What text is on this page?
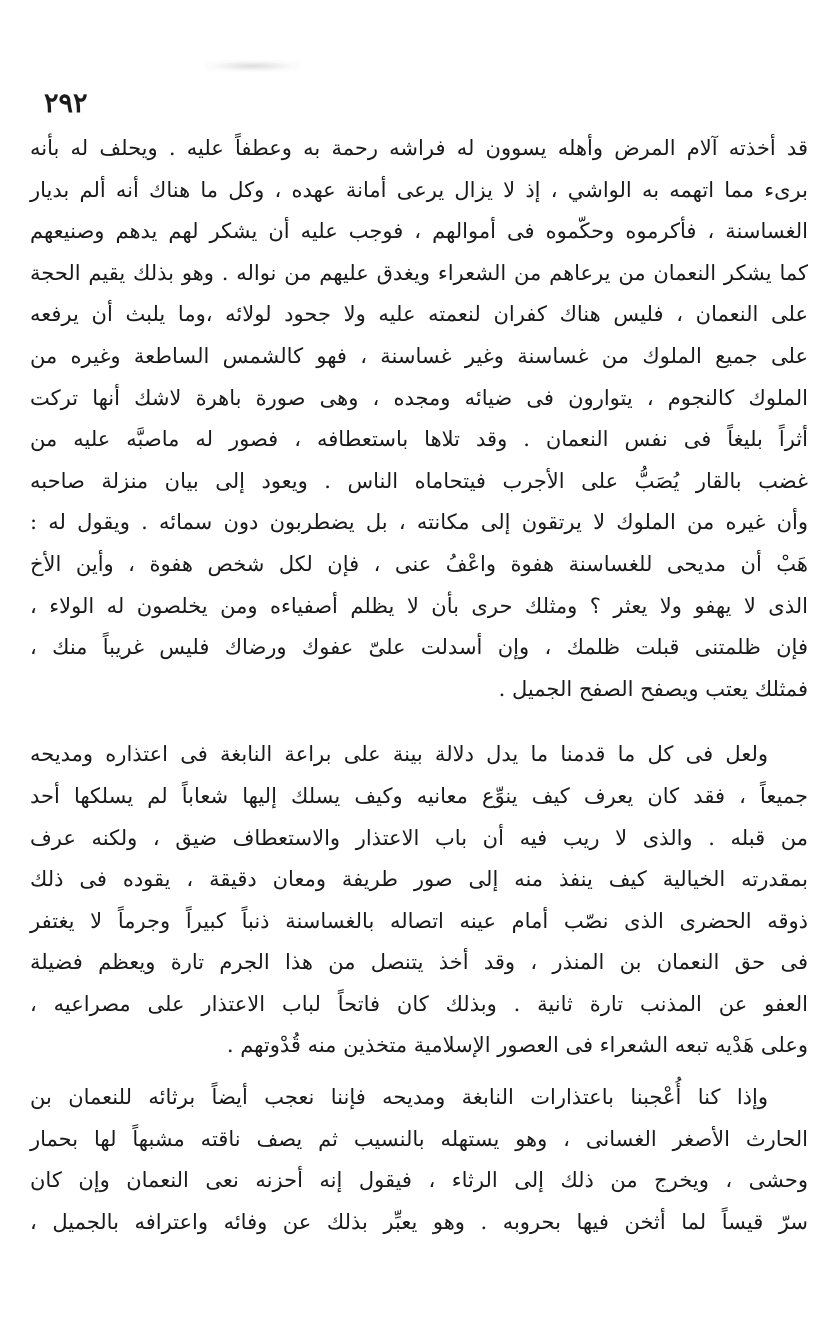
٢٩٢
قد أخذته آلام المرض وأهله يسوون له فراشه رحمة به وعطفاً عليه . ويحلف له بأنه
برىء مما اتهمه به الواشي ، إذ لا يزال يرعى أمانة عهده ، وكل ما هناك أنه ألم بديار
الغساسنة ، فأكرموه وحكّموه فى أموالهم ، فوجب عليه أن يشكر لهم يدهم وصنيعهم
كما يشكر النعمان من يرعاهم من الشعراء ويغدق عليهم من نواله . وهو بذلك يقيم الحجة
على النعمان ، فليس هناك كفران لنعمته عليه ولا جحود لولائه ،وما يلبث أن يرفعه
على جميع الملوك من غساسنة وغير غساسنة ، فهو كالشمس الساطعة وغيره من
الملوك كالنجوم ، يتوارون فى ضيائه ومجده ، وهى صورة باهرة لاشك أنها تركت
أثراً بليغاً فى نفس النعمان . وقد تلاها باستعطافه ، فصور له ماصبَّه عليه من
غضب بالقار يُصَبُّ على الأجرب فيتحاماه الناس . ويعود إلى بيان منزلة صاحبه
وأن غيره من الملوك لا يرتقون إلى مكانته ، بل يضطربون دون سمائه . ويقول له :
هَبْ أن مديحى للغساسنة هفوة واعْفُ عنى ، فإن لكل شخص هفوة ، وأين الأخ
الذى لا يهفو ولا يعثر ؟ ومثلك حرى بأن لا يظلم أصفياءه ومن يخلصون له الولاء ،
فإن ظلمتنى قبلت ظلمك ، وإن أسدلت علىّ عفوك ورضاك فليس غريباً منك ،
فمثلك يعتب ويصفح الصفح الجميل .
ولعل فى كل ما قدمنا ما يدل دلالة بينة على براعة النابغة فى اعتذاره ومديحه
جميعاً ، فقد كان يعرف كيف ينوِّع معانيه وكيف يسلك إليها شعاباً لم يسلكها أحد
من قبله . والذى لا ريب فيه أن باب الاعتذار والاستعطاف ضيق ، ولكنه عرف
بمقدرته الخيالية كيف ينفذ منه إلى صور طريفة ومعان دقيقة ، يقوده فى ذلك
ذوقه الحضرى الذى نصّب أمام عينه اتصاله بالغساسنة ذنباً كبيراً وجرماً لا يغتفر
فى حق النعمان بن المنذر ، وقد أخذ يتنصل من هذا الجرم تارة ويعظم فضيلة
العفو عن المذنب تارة ثانية . وبذلك كان فاتحاً لباب الاعتذار على مصراعيه ،
وعلى هَدْيه تبعه الشعراء فى العصور الإسلامية متخذين منه قُدْوتهم .
وإذا كنا أُعْجبنا باعتذارات النابغة ومديحه فإننا نعجب أيضاً برثائه للنعمان بن
الحارث الأصغر الغسانى ، وهو يستهله بالنسيب ثم يصف ناقته مشبهاً لها بحمار
وحشى ، ويخرج من ذلك إلى الرثاء ، فيقول إنه أحزنه نعى النعمان وإن كان
سرّ قيساً لما أثخن فيها بحروبه . وهو يعبِّر بذلك عن وفائه واعترافه بالجميل ،
